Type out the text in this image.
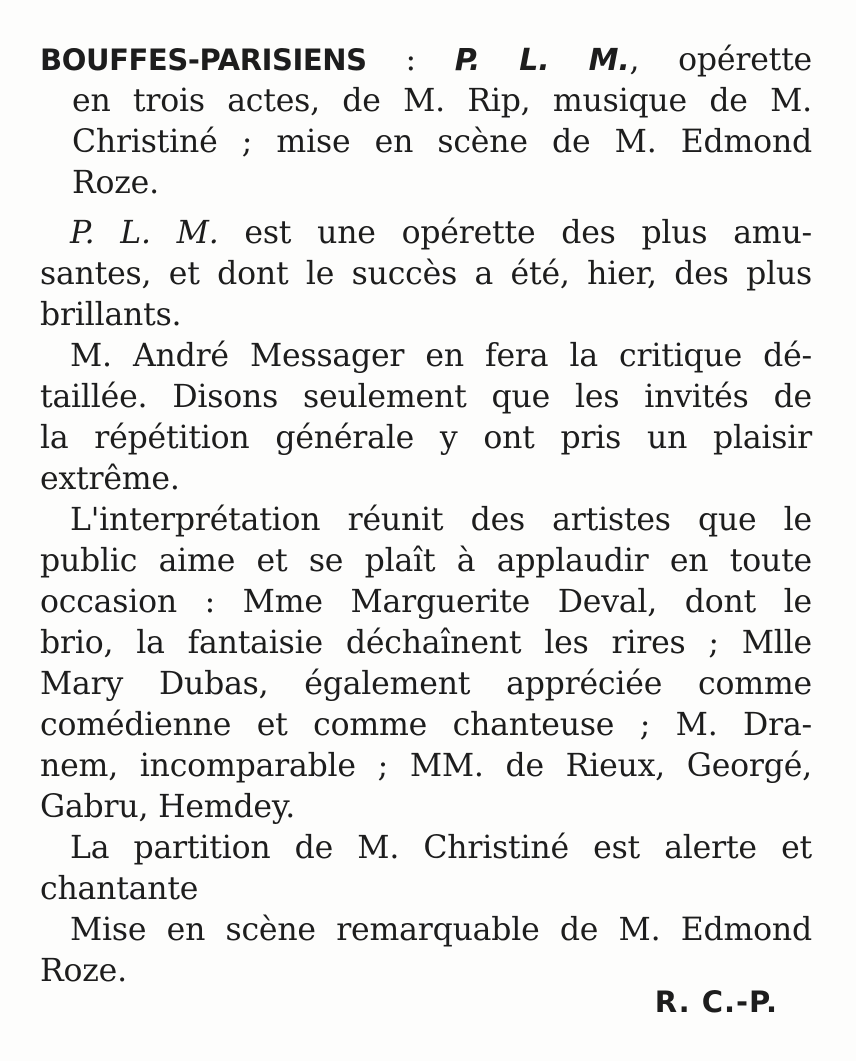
BOUFFES-PARISIENS : P. L. M., opérette
en trois actes, de M. Rip, musique de M.
Christiné ; mise en scène de M. Edmond
Roze.
P. L. M. est une opérette des plus amu-
santes, et dont le succès a été, hier, des plus
brillants.
M. André Messager en fera la critique dé-
taillée. Disons seulement que les invités de
la répétition générale y ont pris un plaisir
extrême.
L'interprétation réunit des artistes que le
public aime et se plaît à applaudir en toute
occasion : Mme Marguerite Deval, dont le
brio, la fantaisie déchaînent les rires ; Mlle
Mary Dubas, également appréciée comme
comédienne et comme chanteuse ; M. Dra-
nem, incomparable ; MM. de Rieux, Georgé,
Gabru, Hemdey.
La partition de M. Christiné est alerte et
chantante
Mise en scène remarquable de M. Edmond
Roze.
R. C.-P.
